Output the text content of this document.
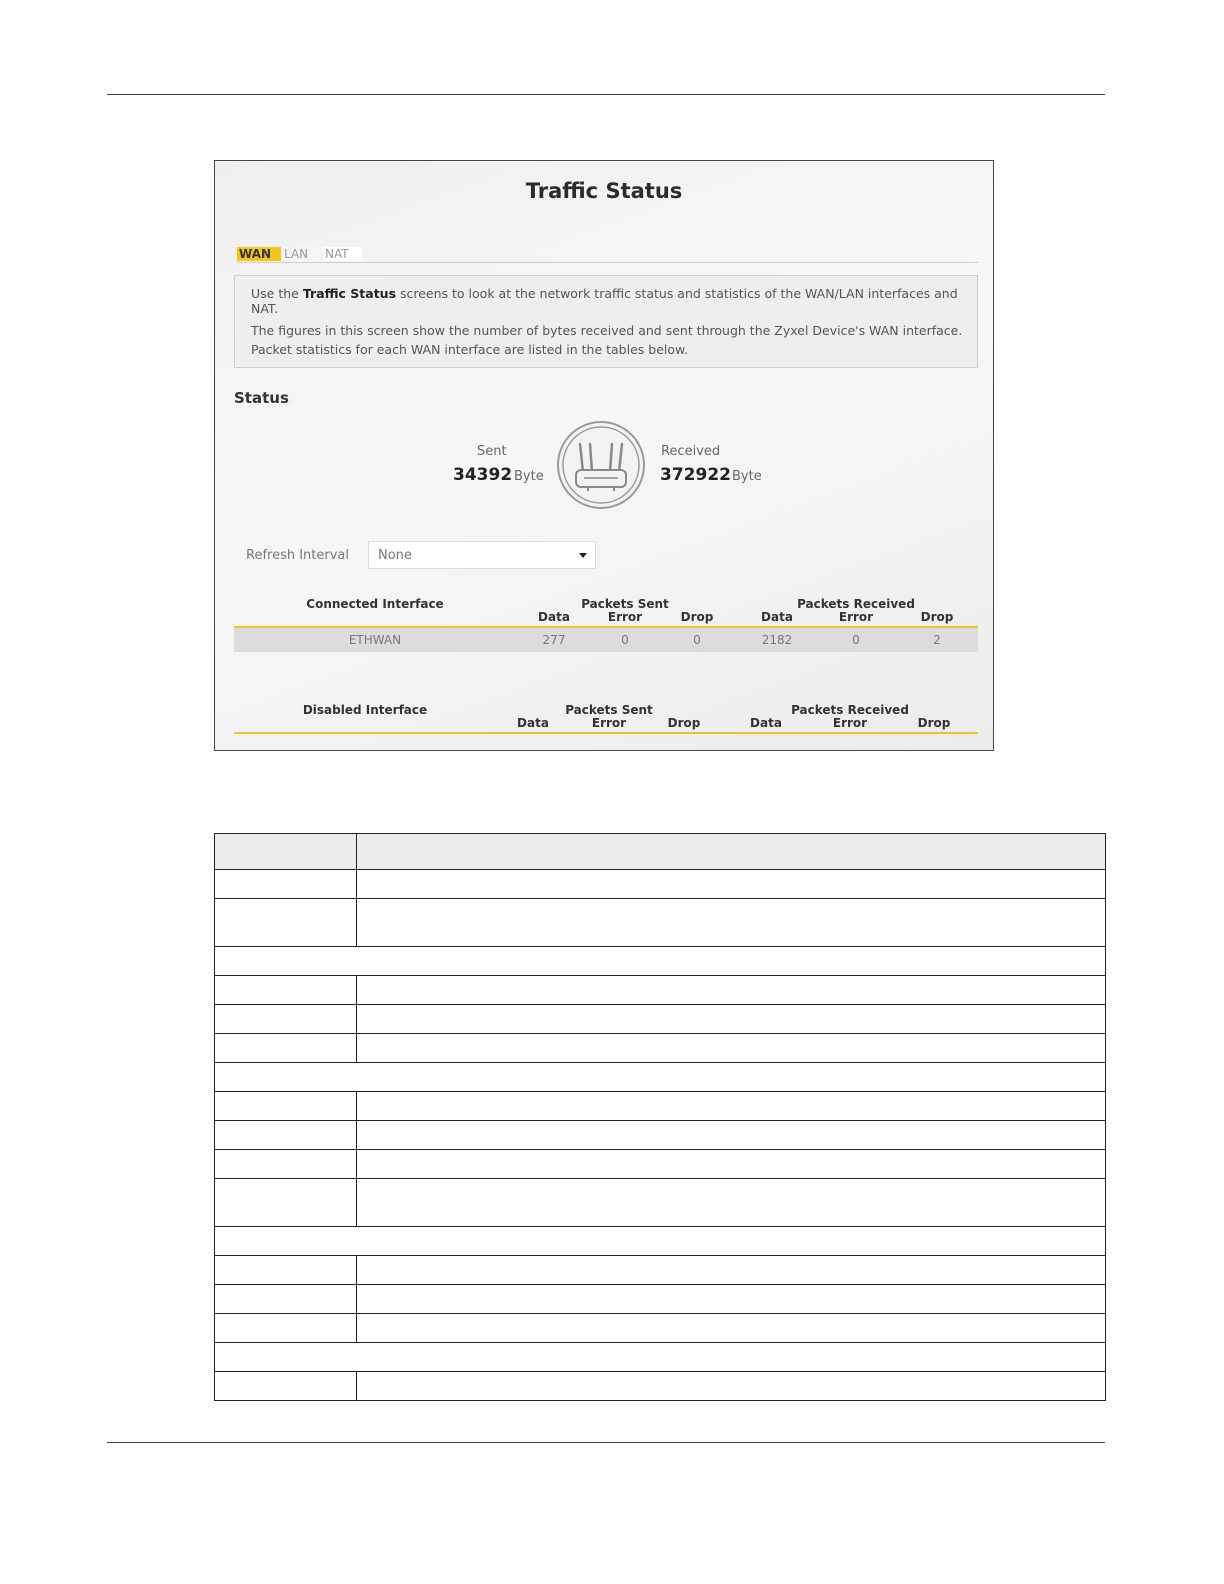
Traffic Status
WAN	LAN	NAT
Use the Traffic Status screens to look at the network traffic status and statistics of the WAN/LAN interfaces and NAT.
The figures in this screen show the number of bytes received and sent through the Zyxel Device's WAN interface.
Packet statistics for each WAN interface are listed in the tables below.
Status
Sent
34392 Byte
Received
372922 Byte
Refresh Interval None
Connected Interface	Packets Sent	Packets Received
Data	Error	Drop	Data	Error	Drop
ETHWAN	277	0	0	2182	0	2
Disabled Interface	Packets Sent	Packets Received
Data	Error	Drop	Data	Error	Drop
